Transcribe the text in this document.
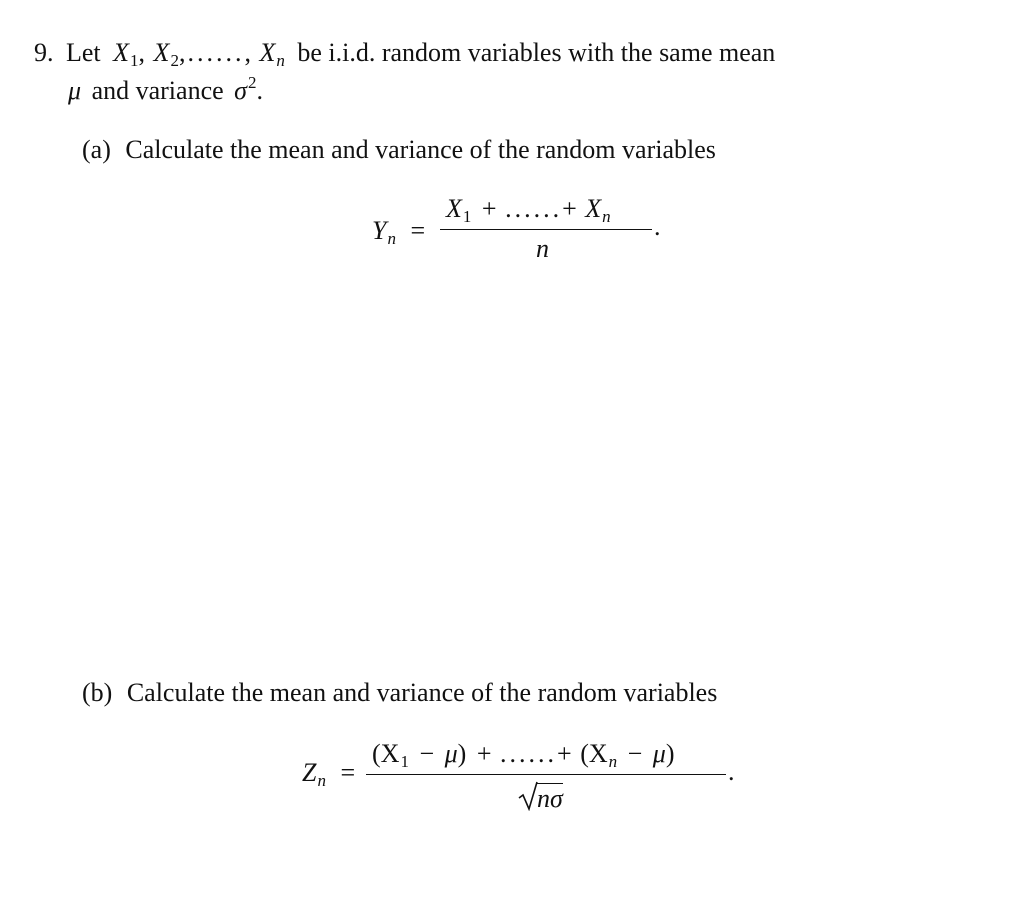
9. Let $X_1$, $X_2$,......, $X_n$ be i.i.d. random variables with the same mean
μ and variance $\sigma^2$.
(a) Calculate the mean and variance of the random variables
$Y_n$ =
$X_1$ + ......+ $X_n$
n
.
(b) Calculate the mean and variance of the random variables
$Z_n$ =
$(X_1 - \mu)$ + ......+ $(X_n - \mu)$
nσ
.
